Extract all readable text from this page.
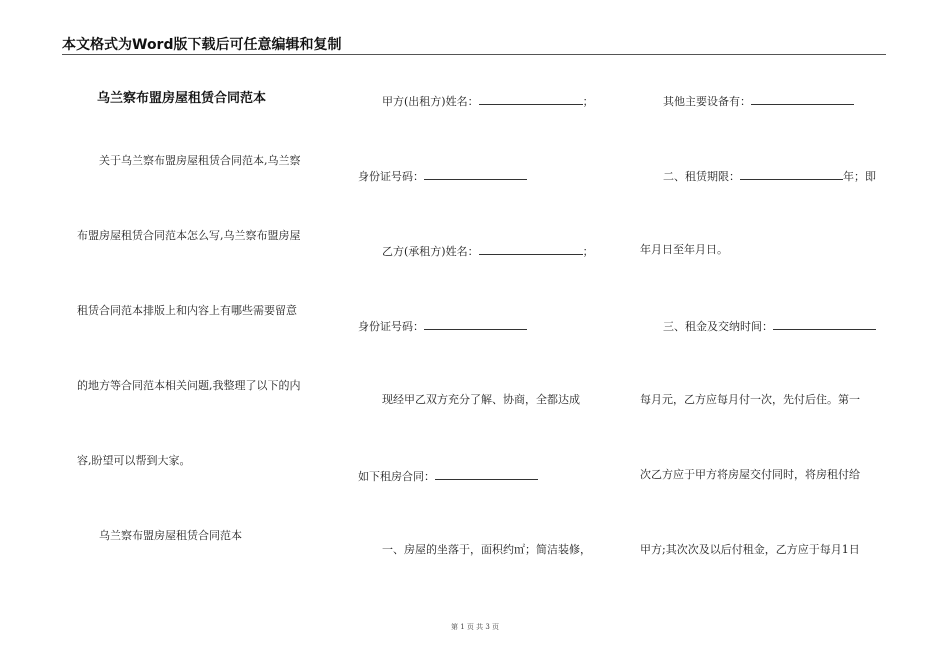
本文格式为Word版下载后可任意编辑和复制
乌兰察布盟房屋租赁合同范本
关于乌兰察布盟房屋租赁合同范本,乌兰察
布盟房屋租赁合同范本怎么写,乌兰察布盟房屋
租赁合同范本排版上和内容上有哪些需要留意
的地方等合同范本相关问题,我整理了以下的内
容,盼望可以帮到大家。
乌兰察布盟房屋租赁合同范本
甲方(出租方)姓名：	；
身份证号码：
乙方(承租方)姓名：	；
身份证号码：
现经甲乙双方充分了解、协商，全都达成
如下租房合同：
一、房屋的坐落于，面积约㎡；简洁装修，
其他主要设备有：
二、租赁期限：	年；即
年月日至年月日。
三、租金及交纳时间：
每月元，乙方应每月付一次，先付后住。第一
次乙方应于甲方将房屋交付同时，将房租付给
甲方;其次次及以后付租金，乙方应于每月1日
第 1 页 共 3 页
